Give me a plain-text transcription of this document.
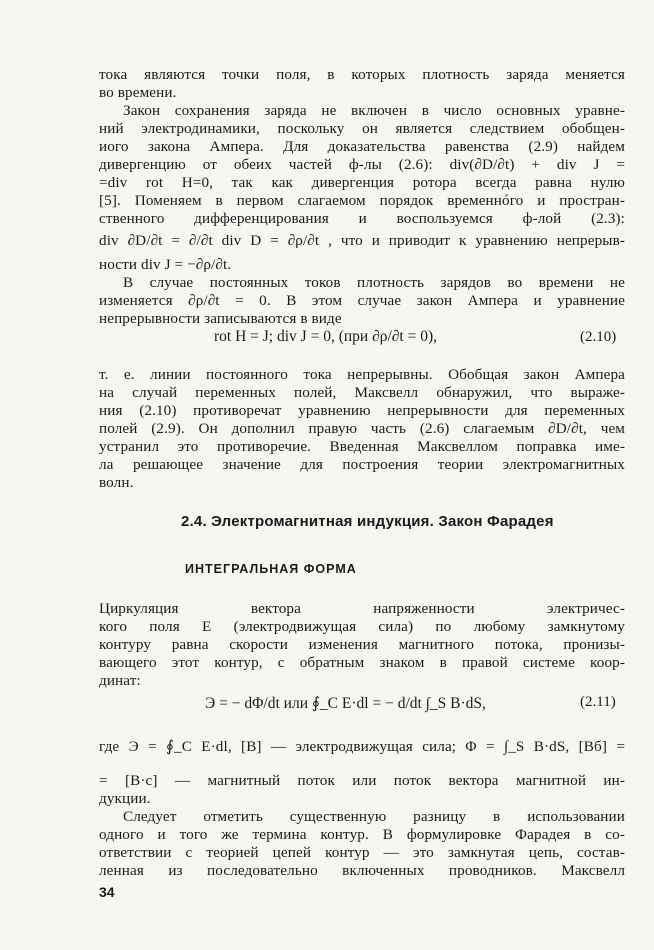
тока являются точки поля, в которых плотность заряда меняется

во времени.

Закон сохранения заряда не включен в число основных уравне-

ний электродинамики, поскольку он является следствием обобщен-

иого закона Ампера. Для доказательства равенства (2.9) найдем

дивергенцию от обеих частей ф-лы (2.6): div(∂D/∂t) + div J =

=div rot H=0, так как дивергенция ротора всегда равна нулю

[5]. Поменяем в первом слагаемом порядок временнóго и простран-

ственного дифференцирования и воспользуемся ф-лой (2.3):

div ∂D/∂t = ∂/∂t div D = ∂ρ/∂t , что и приводит к уравнению непрерыв-

ности div J = −∂ρ/∂t.

В случае постоянных токов плотность зарядов во времени не

изменяется ∂ρ/∂t = 0. В этом случае закон Ампера и уравнение

непрерывности записываются в виде

rot H = J; div J = 0, (при ∂ρ/∂t = 0),	(2.10)

т. е. линии постоянного тока непрерывны. Обобщая закон Ампера

на случай переменных полей, Максвелл обнаружил, что выраже-

ния (2.10) противоречат уравнению непрерывности для переменных

полей (2.9). Он дополнил правую часть (2.6) слагаемым ∂D/∂t, чем

устранил это противоречие. Введенная Максвеллом поправка име-

ла решающее значение для построения теории электромагнитных

волн.

2.4. Электромагнитная индукция. Закон Фарадея
ИНТЕГРАЛЬНАЯ ФОРМА

Циркуляция вектора напряженности электричес-

кого поля E (электродвижущая сила) по любому замкнутому

контуру равна скорости изменения магнитного потока, пронизы-

вающего этот контур, с обратным знаком в правой системе коор-

динат:

Э = − dΦ/dt или ∮_C E·dl = − d/dt ∫_S B·dS,	(2.11)

где Э = ∮_C E·dl, [В] — электродвижущая сила; Φ = ∫_S B·dS, [Вб] =

= [В·с] — магнитный поток или поток вектора магнитной ин-

дукции.

Следует отметить существенную разницу в использовании

одного и того же термина контур. В формулировке Фарадея в со-

ответствии с теорией цепей контур — это замкнутая цепь, состав-

ленная из последовательно включенных проводников. Максвелл

34
